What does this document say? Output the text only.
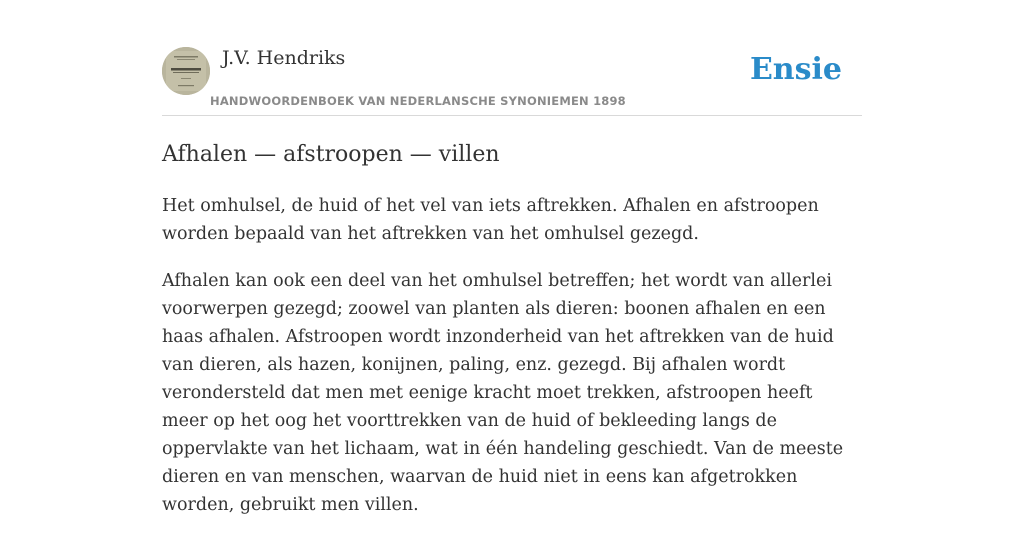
J.V. Hendriks
HANDWOORDENBOEK VAN NEDERLANSCHE SYNONIEMEN 1898
Ensie
Afhalen — afstroopen — villen

Het omhulsel, de huid of het vel van iets aftrekken. Afhalen en afstroopen worden bepaald van het aftrekken van het omhulsel gezegd.

Afhalen kan ook een deel van het omhulsel betreffen; het wordt van allerlei voorwerpen gezegd; zoowel van planten als dieren: boonen afhalen en een haas afhalen. Afstroopen wordt inzonderheid van het aftrekken van de huid van dieren, als hazen, konijnen, paling, enz. gezegd. Bij afhalen wordt verondersteld dat men met eenige kracht moet trekken, afstroopen heeft meer op het oog het voorttrekken van de huid of bekleeding langs de oppervlakte van het lichaam, wat in één handeling geschiedt. Van de meeste dieren en van menschen, waarvan de huid niet in eens kan afgetrokken worden, gebruikt men villen.
